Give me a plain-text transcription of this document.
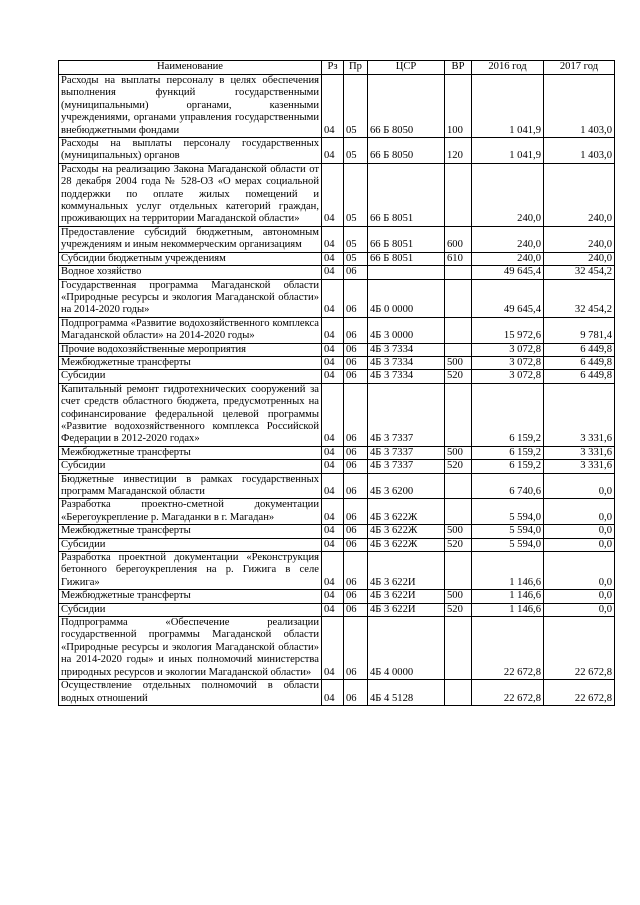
Наименование	Рз	Пр	ЦСР	ВР	2016 год	2017 год
Расходы на выплаты персоналу в целях обеспечения выполнения функций государственными (муниципальными) органами, казенными учреждениями, органами управления государственными внебюджетными фондами	04	05	66 Б 8050	100	1 041,9	1 403,0
Расходы на выплаты персоналу государственных (муниципальных) органов	04	05	66 Б 8050	120	1 041,9	1 403,0
Расходы на реализацию Закона Магаданской области от 28 декабря 2004 года № 528-ОЗ «О мерах социальной поддержки по оплате жилых помещений и коммунальных услуг отдельных категорий граждан, проживающих на территории Магаданской области»	04	05	66 Б 8051		240,0	240,0
Предоставление субсидий бюджетным, автономным учреждениям и иным некоммерческим организациям	04	05	66 Б 8051	600	240,0	240,0
Субсидии бюджетным учреждениям	04	05	66 Б 8051	610	240,0	240,0
Водное хозяйство	04	06			49 645,4	32 454,2
Государственная программа Магаданской области «Природные ресурсы и экология Магаданской области» на 2014-2020 годы»	04	06	4Б 0 0000		49 645,4	32 454,2
Подпрограмма «Развитие водохозяйственного комплекса Магаданской области» на 2014-2020 годы»	04	06	4Б 3 0000		15 972,6	9 781,4
Прочие водохозяйственные мероприятия	04	06	4Б 3 7334		3 072,8	6 449,8
Межбюджетные трансферты	04	06	4Б 3 7334	500	3 072,8	6 449,8
Субсидии	04	06	4Б 3 7334	520	3 072,8	6 449,8
Капитальный ремонт гидротехнических сооружений за счет средств областного бюджета, предусмотренных на софинансирование федеральной целевой программы «Развитие водохозяйственного комплекса Российской Федерации в 2012-2020 годах»	04	06	4Б 3 7337		6 159,2	3 331,6
Межбюджетные трансферты	04	06	4Б 3 7337	500	6 159,2	3 331,6
Субсидии	04	06	4Б 3 7337	520	6 159,2	3 331,6
Бюджетные инвестиции в рамках государственных программ Магаданской области	04	06	4Б 3 6200		6 740,6	0,0
Разработка проектно-сметной документации «Берегоукрепление р. Магаданки в г. Магадан»	04	06	4Б 3 622Ж		5 594,0	0,0
Межбюджетные трансферты	04	06	4Б 3 622Ж	500	5 594,0	0,0
Субсидии	04	06	4Б 3 622Ж	520	5 594,0	0,0
Разработка проектной документации «Реконструкция бетонного берегоукрепления на р. Гижига в селе Гижига»	04	06	4Б 3 622И		1 146,6	0,0
Межбюджетные трансферты	04	06	4Б 3 622И	500	1 146,6	0,0
Субсидии	04	06	4Б 3 622И	520	1 146,6	0,0
Подпрограмма «Обеспечение реализации государственной программы Магаданской области «Природные ресурсы и экология Магаданской области» на 2014-2020 годы» и иных полномочий министерства природных ресурсов и экологии Магаданской области»	04	06	4Б 4 0000		22 672,8	22 672,8
Осуществление отдельных полномочий в области водных отношений	04	06	4Б 4 5128		22 672,8	22 672,8
